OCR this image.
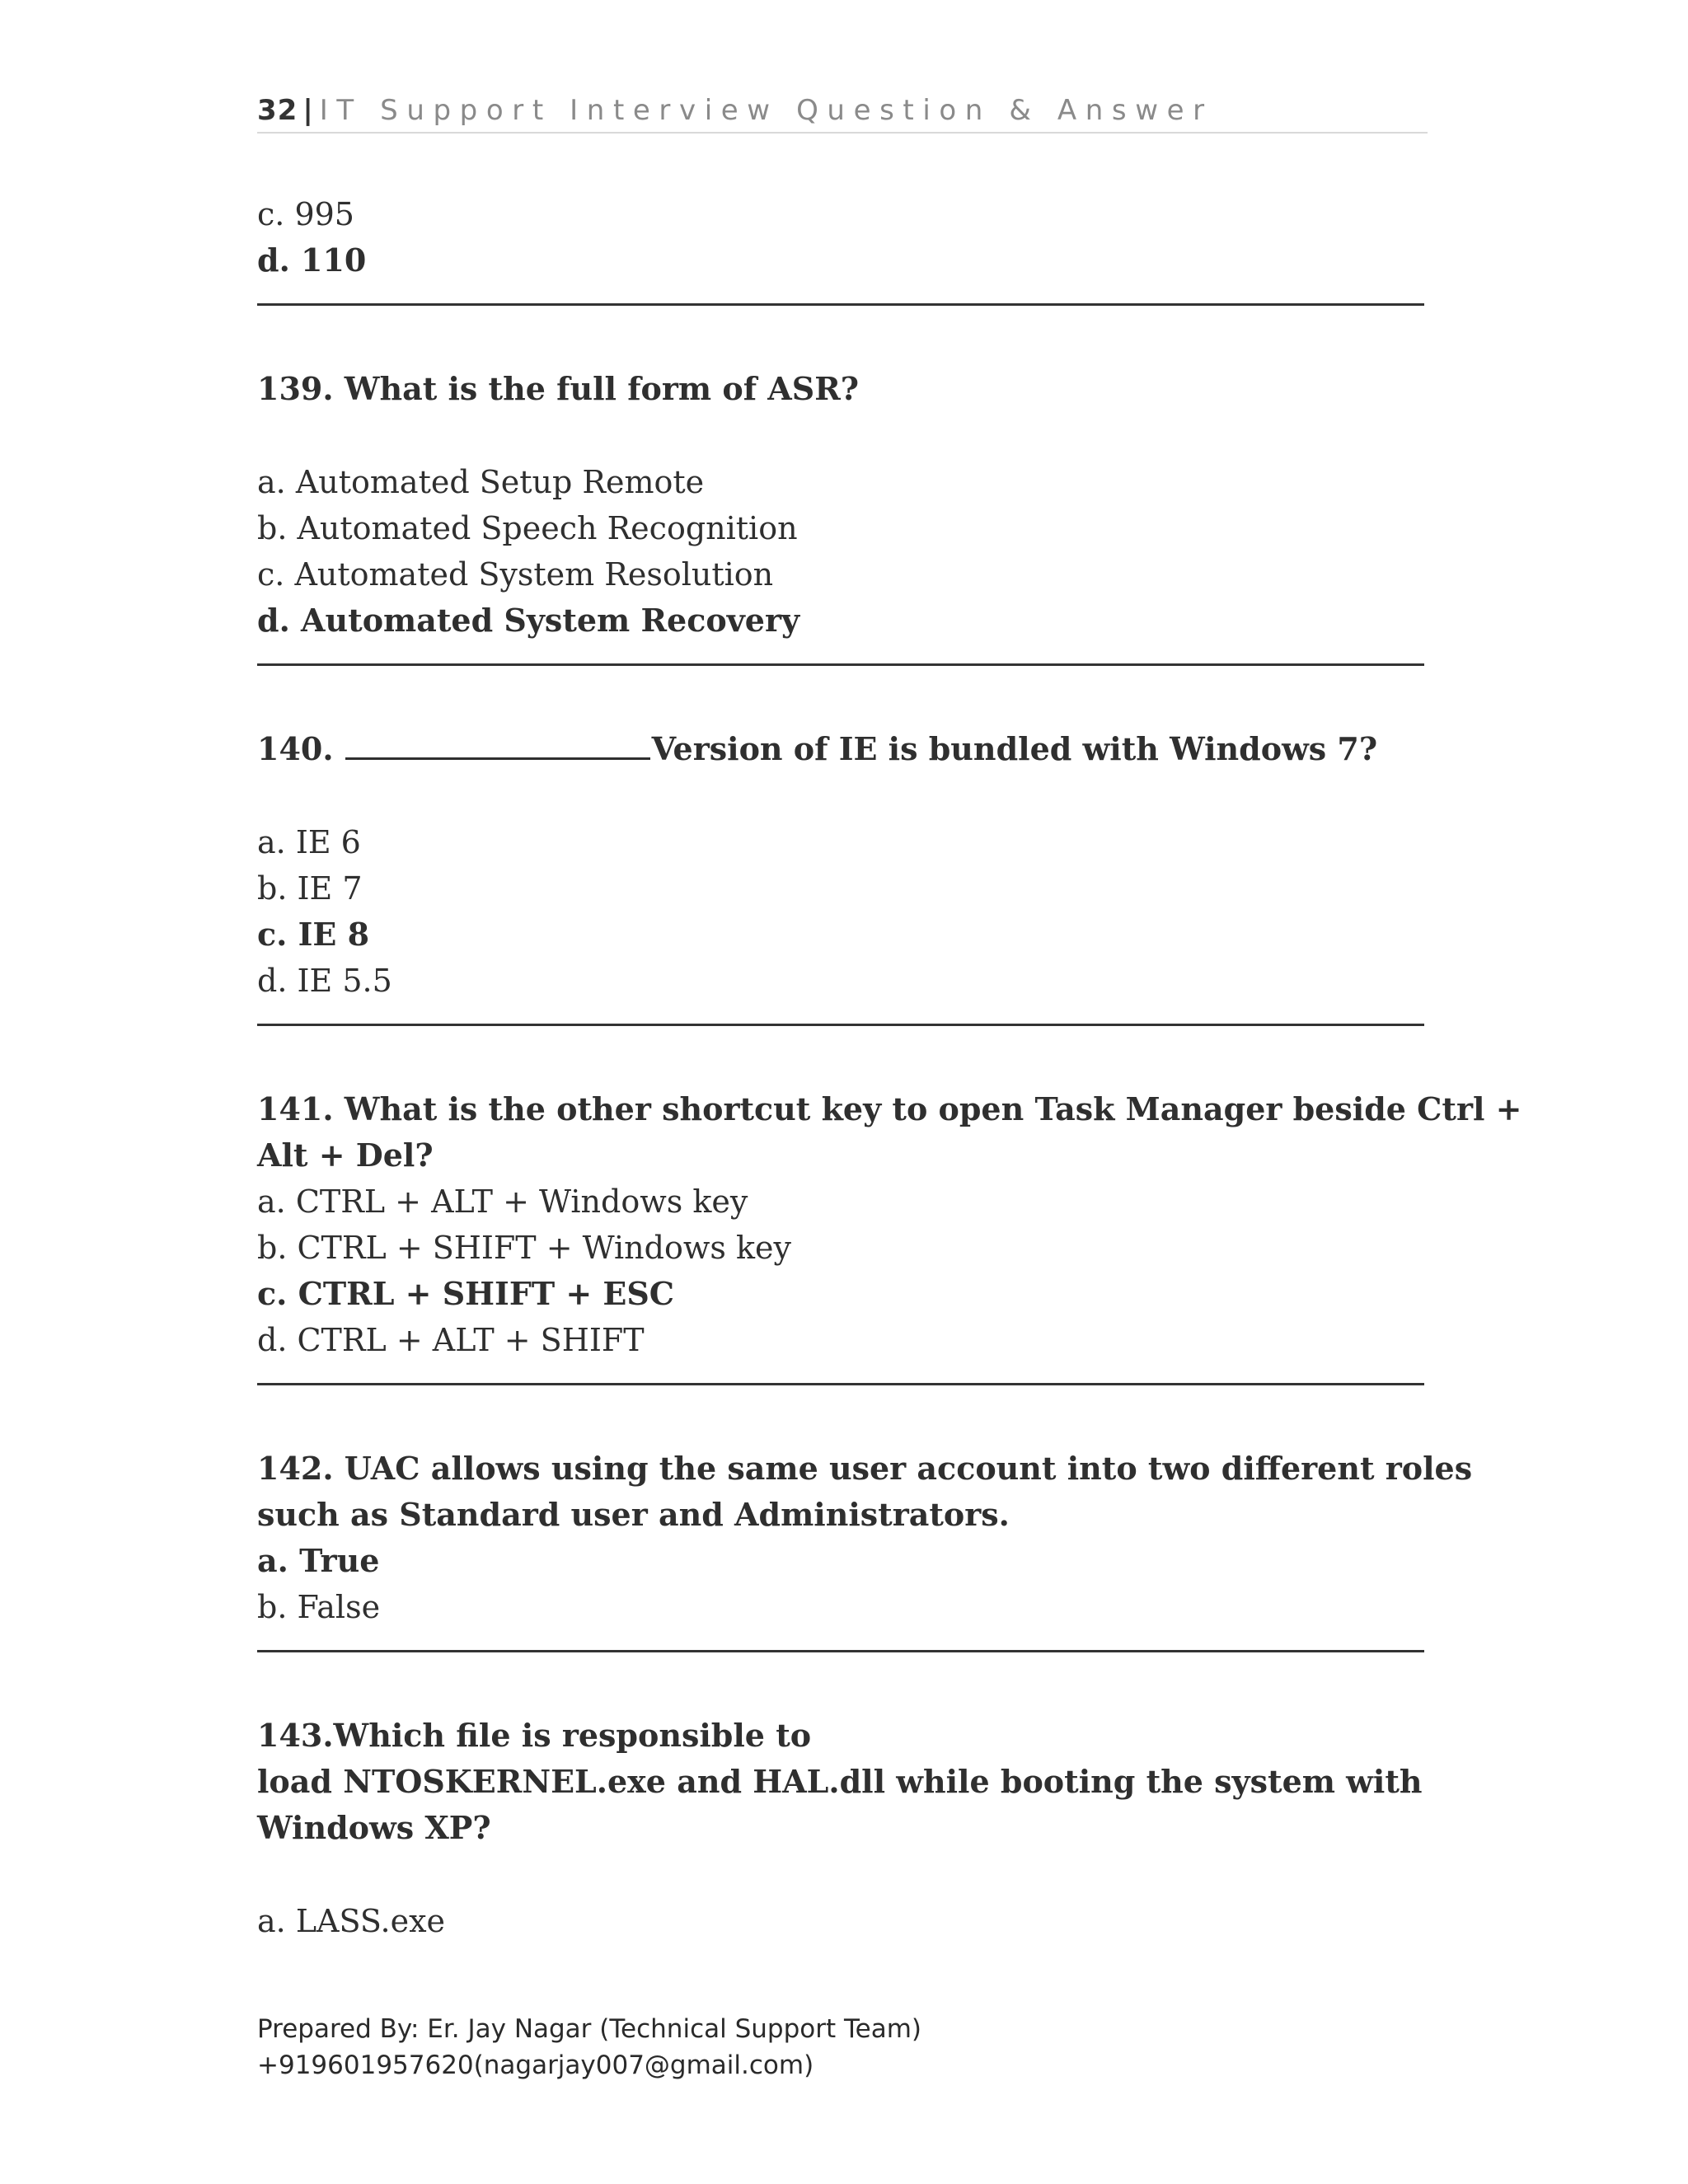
32 | IT Support Interview Question & Answer
c. 995
d. 110
139. What is the full form of ASR?
a. Automated Setup Remote
b. Automated Speech Recognition
c. Automated System Resolution
d. Automated System Recovery
140.	Version of IE is bundled with Windows 7?
a. IE 6
b. IE 7
c. IE 8
d. IE 5.5
141. What is the other shortcut key to open Task Manager beside Ctrl +
Alt + Del?
a. CTRL + ALT + Windows key
b. CTRL + SHIFT + Windows key
c. CTRL + SHIFT + ESC
d. CTRL + ALT + SHIFT
142. UAC allows using the same user account into two different roles
such as Standard user and Administrators.
a. True
b. False
143.Which file is responsible to
load NTOSKERNEL.exe and HAL.dll while booting the system with
Windows XP?
a. LASS.exe
Prepared By: Er. Jay Nagar (Technical Support Team)
+919601957620(nagarjay007@gmail.com)
